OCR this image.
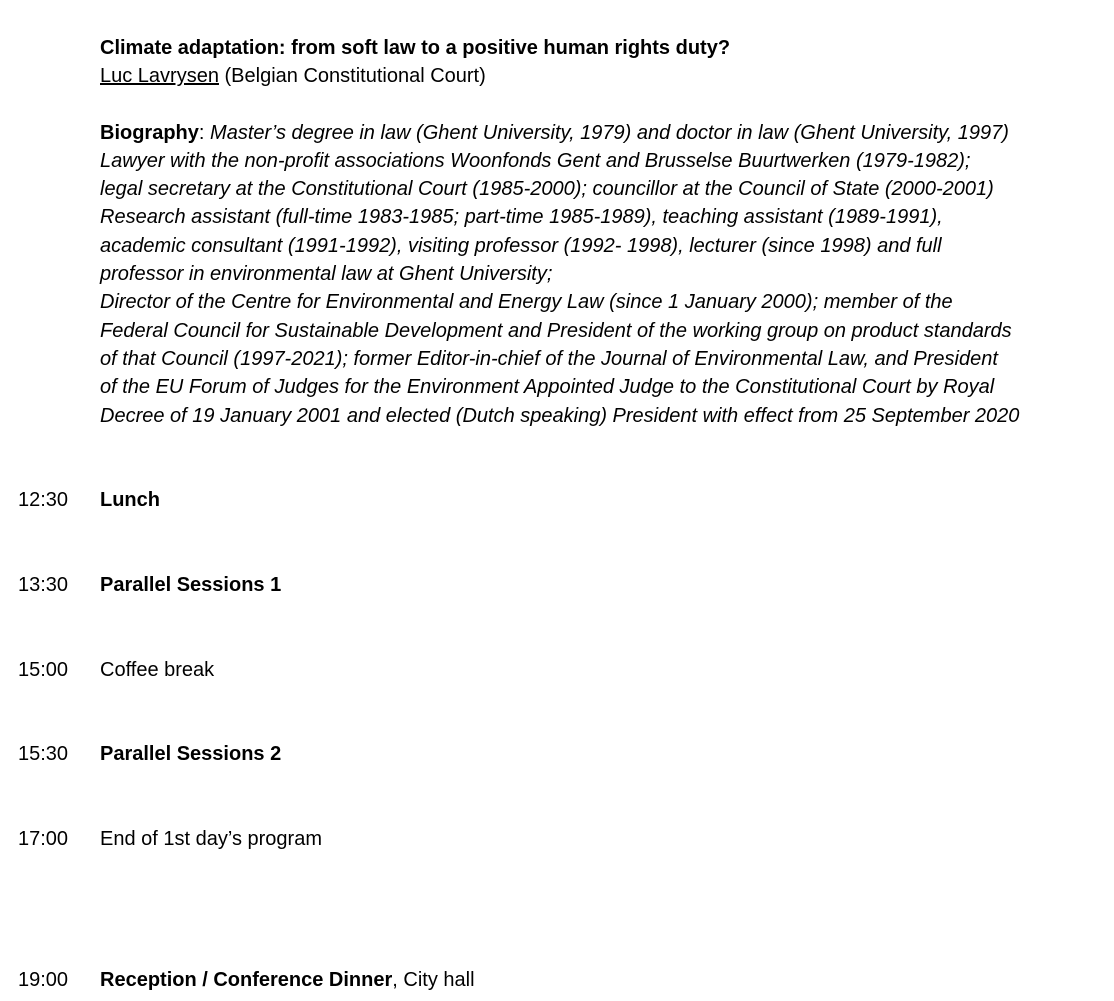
Climate adaptation: from soft law to a positive human rights duty?

Luc Lavrysen (Belgian Constitutional Court)

Biography: Master’s degree in law (Ghent University, 1979) and doctor in law (Ghent University, 1997)
Lawyer with the non-profit associations Woonfonds Gent and Brusselse Buurtwerken (1979-1982);
legal secretary at the Constitutional Court (1985-2000); councillor at the Council of State (2000-2001)
Research assistant (full-time 1983-1985; part-time 1985-1989), teaching assistant (1989-1991),
academic consultant (1991-1992), visiting professor (1992- 1998), lecturer (since 1998) and full
professor in environmental law at Ghent University;
Director of the Centre for Environmental and Energy Law (since 1 January 2000); member of the
Federal Council for Sustainable Development and President of the working group on product standards
of that Council (1997-2021); former Editor-in-chief of the Journal of Environmental Law, and President
of the EU Forum of Judges for the Environment Appointed Judge to the Constitutional Court by Royal
Decree of 19 January 2001 and elected (Dutch speaking) President with effect from 25 September 2020
12:30 Lunch
13:30 Parallel Sessions 1
15:00 Coffee break
15:30 Parallel Sessions 2
17:00 End of 1st day’s program
19:00 Reception / Conference Dinner, City hall
